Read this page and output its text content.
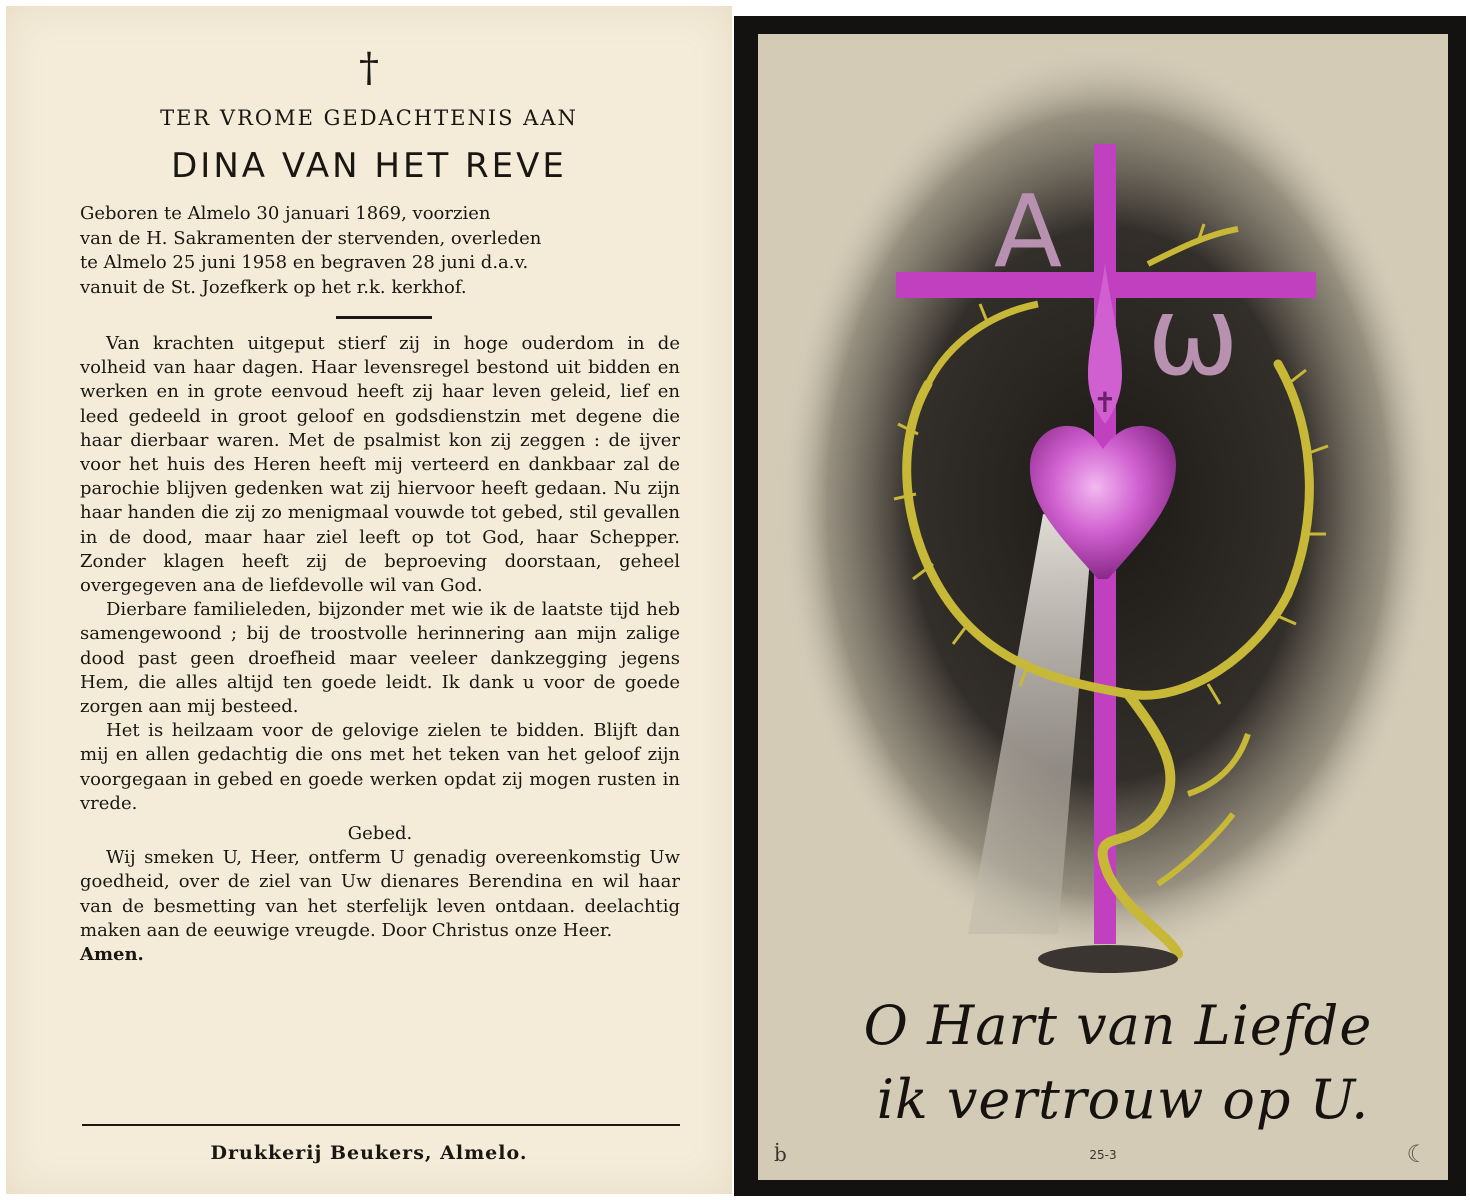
†
TER VROME GEDACHTENIS AAN
DINA VAN HET REVE
Geboren te Almelo 30 januari 1869, voorzien
van de H. Sakramenten der stervenden, overleden
te Almelo 25 juni 1958 en begraven 28 juni d.a.v.
vanuit de St. Jozefkerk op het r.k. kerkhof.

Van krachten uitgeput stierf zij in hoge ouderdom in de volheid van haar dagen. Haar levensregel bestond uit bidden en werken en in grote eenvoud heeft zij haar leven geleid, lief en leed gedeeld in groot geloof en godsdienstzin met degene die haar dierbaar waren. Met de psalmist kon zij zeggen : de ijver voor het huis des Heren heeft mij verteerd en dankbaar zal de parochie blijven gedenken wat zij hiervoor heeft gedaan. Nu zijn haar handen die zij zo menigmaal vouwde tot gebed, stil gevallen in de dood, maar haar ziel leeft op tot God, haar Schepper. Zonder klagen heeft zij de beproeving doorstaan, geheel overgegeven ana de liefdevolle wil van God.

Dierbare familieleden, bijzonder met wie ik de laatste tijd heb samengewoond ; bij de troostvolle herinnering aan mijn zalige dood past geen droefheid maar veeleer dankzegging jegens Hem, die alles altijd ten goede leidt. Ik dank u voor de goede zorgen aan mij besteed.

Het is heilzaam voor de gelovige zielen te bidden. Blijft dan mij en allen gedachtig die ons met het teken van het geloof zijn voorgegaan in gebed en goede werken opdat zij mogen rusten in vrede.

Gebed.

Wij smeken U, Heer, ontferm U genadig overeenkomstig Uw goedheid, over de ziel van Uw dienares Berendina en wil haar van de besmetting van het sterfelijk leven ontdaan. deelachtig maken aan de eeuwige vreugde. Door Christus onze Heer.

Amen.

Drukkerij Beukers, Almelo.
A
ω
✝
O Hart van Liefde
ik vertrouw op U.
ḃ	25-3	☾
